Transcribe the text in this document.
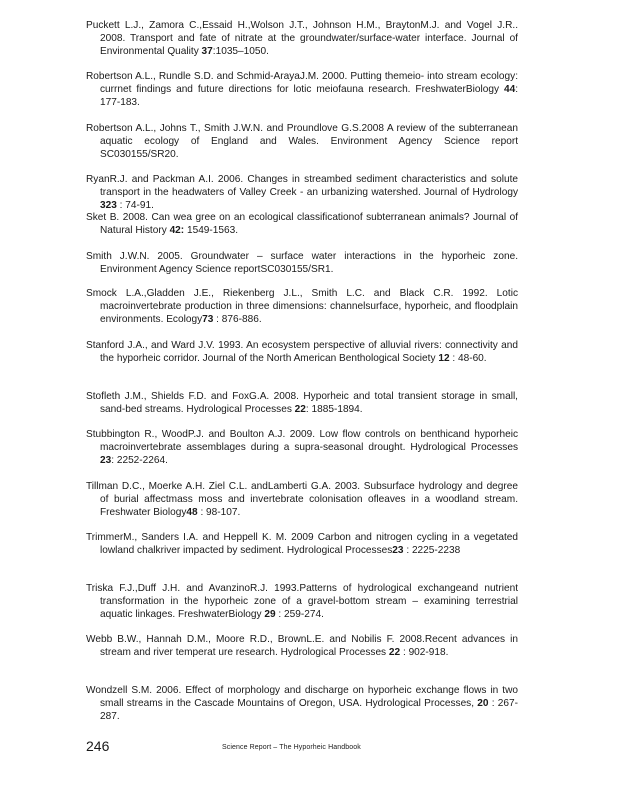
Puckett L.J., Zamora C.,Essaid H.,Wolson J.T., Johnson H.M., BraytonM.J. and Vogel J.R.. 2008. Transport and fate of nitrate at the groundwater/surface-water interface. Journal of Environmental Quality 37:1035–1050.

Robertson A.L., Rundle S.D. and Schmid-ArayaJ.M. 2000. Putting themeio- into stream ecology: currnet findings and future directions for lotic meiofauna research. FreshwaterBiology 44: 177-183.

Robertson A.L., Johns T., Smith J.W.N. and Proundlove G.S.2008 A review of the subterranean aquatic ecology of England and Wales. Environment Agency Science report SC030155/SR20.

RyanR.J. and Packman A.I. 2006. Changes in streambed sediment characteristics and solute transport in the headwaters of Valley Creek - an urbanizing watershed. Journal of Hydrology 323 : 74-91.

Sket B. 2008. Can wea gree on an ecological classificationof subterranean animals? Journal of Natural History 42: 1549-1563.

Smith J.W.N. 2005. Groundwater – surface water interactions in the hyporheic zone. Environment Agency Science reportSC030155/SR1.

Smock L.A.,Gladden J.E., Riekenberg J.L., Smith L.C. and Black C.R. 1992. Lotic macroinvertebrate production in three dimensions: channelsurface, hyporheic, and floodplain environments. Ecology73 : 876-886.

Stanford J.A., and Ward J.V. 1993. An ecosystem perspective of alluvial rivers: connectivity and the hyporheic corridor. Journal of the North American Benthological Society 12 : 48-60.

Stofleth J.M., Shields F.D. and FoxG.A. 2008. Hyporheic and total transient storage in small, sand-bed streams. Hydrological Processes 22: 1885-1894.

Stubbington R., WoodP.J. and Boulton A.J. 2009. Low flow controls on benthicand hyporheic macroinvertebrate assemblages during a supra-seasonal drought. Hydrological Processes 23: 2252-2264.

Tillman D.C., Moerke A.H. Ziel C.L. andLamberti G.A. 2003. Subsurface hydrology and degree of burial affectmass moss and invertebrate colonisation ofleaves in a woodland stream. Freshwater Biology48 : 98-107.

TrimmerM., Sanders I.A. and Heppell K. M. 2009 Carbon and nitrogen cycling in a vegetated lowland chalkriver impacted by sediment. Hydrological Processes23 : 2225-2238

Triska F.J.,Duff J.H. and AvanzinoR.J. 1993.Patterns of hydrological exchangeand nutrient transformation in the hyporheic zone of a gravel-bottom stream – examining terrestrial aquatic linkages. FreshwaterBiology 29 : 259-274.

Webb B.W., Hannah D.M., Moore R.D., BrownL.E. and Nobilis F. 2008.Recent advances in stream and river temperat ure research. Hydrological Processes 22 : 902-918.

Wondzell S.M. 2006. Effect of morphology and discharge on hyporheic exchange flows in two small streams in the Cascade Mountains of Oregon, USA. Hydrological Processes, 20 : 267-287.

246	Science Report – The Hyporheic Handbook
